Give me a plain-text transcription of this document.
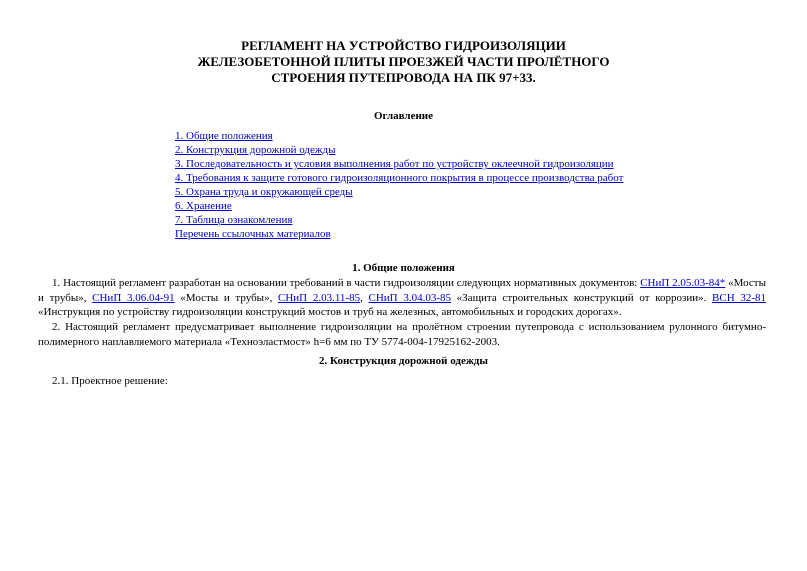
РЕГЛАМЕНТ НА УСТРОЙСТВО ГИДРОИЗОЛЯЦИИ
ЖЕЛЕЗОБЕТОННОЙ ПЛИТЫ ПРОЕЗЖЕЙ ЧАСТИ ПРОЛЁТНОГО
СТРОЕНИЯ ПУТЕПРОВОДА НА ПК 97+33.
Оглавление
1. Общие положения
2. Конструкция дорожной одежды
3. Последовательность и условия выполнения работ по устройству оклеечной гидроизоляции
4. Требования к защите готового гидроизоляционного покрытия в процессе производства работ
5. Охрана труда и окружающей среды
6. Хранение
7. Таблица ознакомления
Перечень ссылочных материалов
1. Общие положения

1. Настоящий регламент разработан на основании требований в части гидроизоляции следующих нормативных документов: СНиП 2.05.03-84* «Мосты и трубы», СНиП 3.06.04-91 «Мосты и трубы», СНиП 2.03.11-85, СНиП 3.04.03-85 «Защита строительных конструкций от коррозии». ВСН 32-81 «Инструкция по устройству гидроизоляции конструкций мостов и труб на железных, автомобильных и городских дорогах».

2. Настоящий регламент предусматривает выполнение гидроизоляции на пролётном строении путепровода с использованием рулонного битумно-полимерного наплавляемого материала «Техноэластмост» h=6 мм по ТУ 5774-004-17925162-2003.

2. Конструкция дорожной одежды

2.1. Проектное решение:
